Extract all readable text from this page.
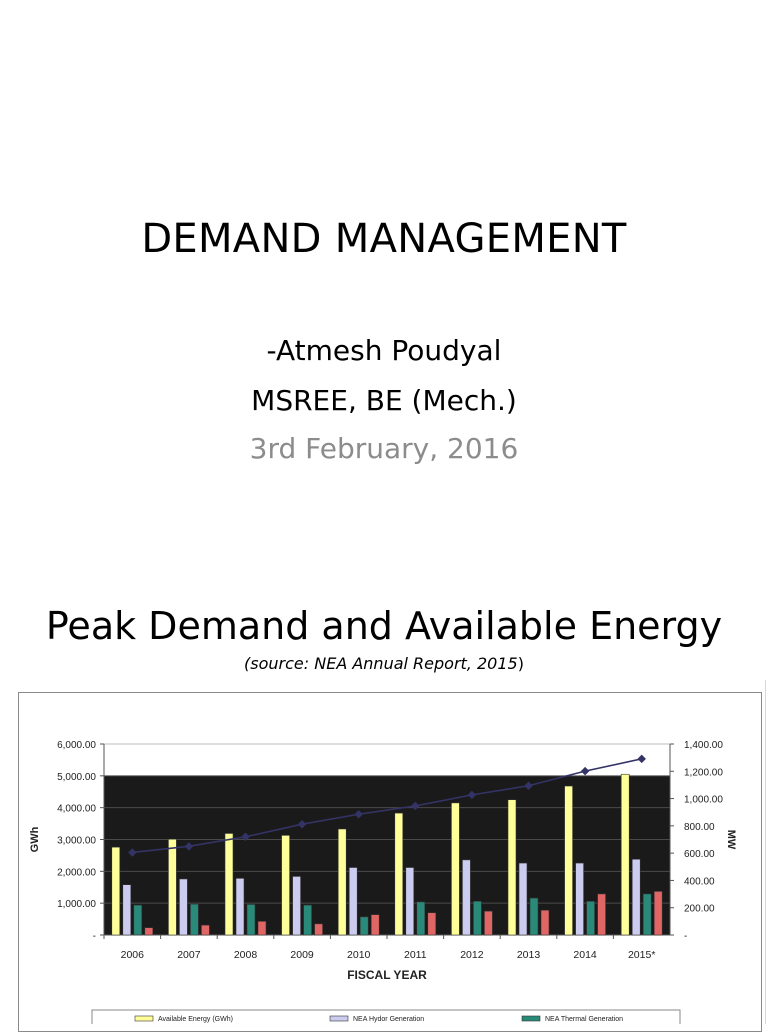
DEMAND MANAGEMENT
-Atmesh Poudyal
MSREE, BE (Mech.)
3rd February, 2016
Peak Demand and Available Energy
(source: NEA Annual Report, 2015)
-
1,000.00
2,000.00
3,000.00
4,000.00
5,000.00
6,000.00
-
200.00
400.00
600.00
800.00
1,000.00
1,200.00
1,400.00
2006	2007	2008	2009	2010	2011	2012	2013	2014	2015*
FISCAL YEAR
GWh	MW
Available Energy (GWh)	NEA Hydor Generation	NEA Thermal Generation
